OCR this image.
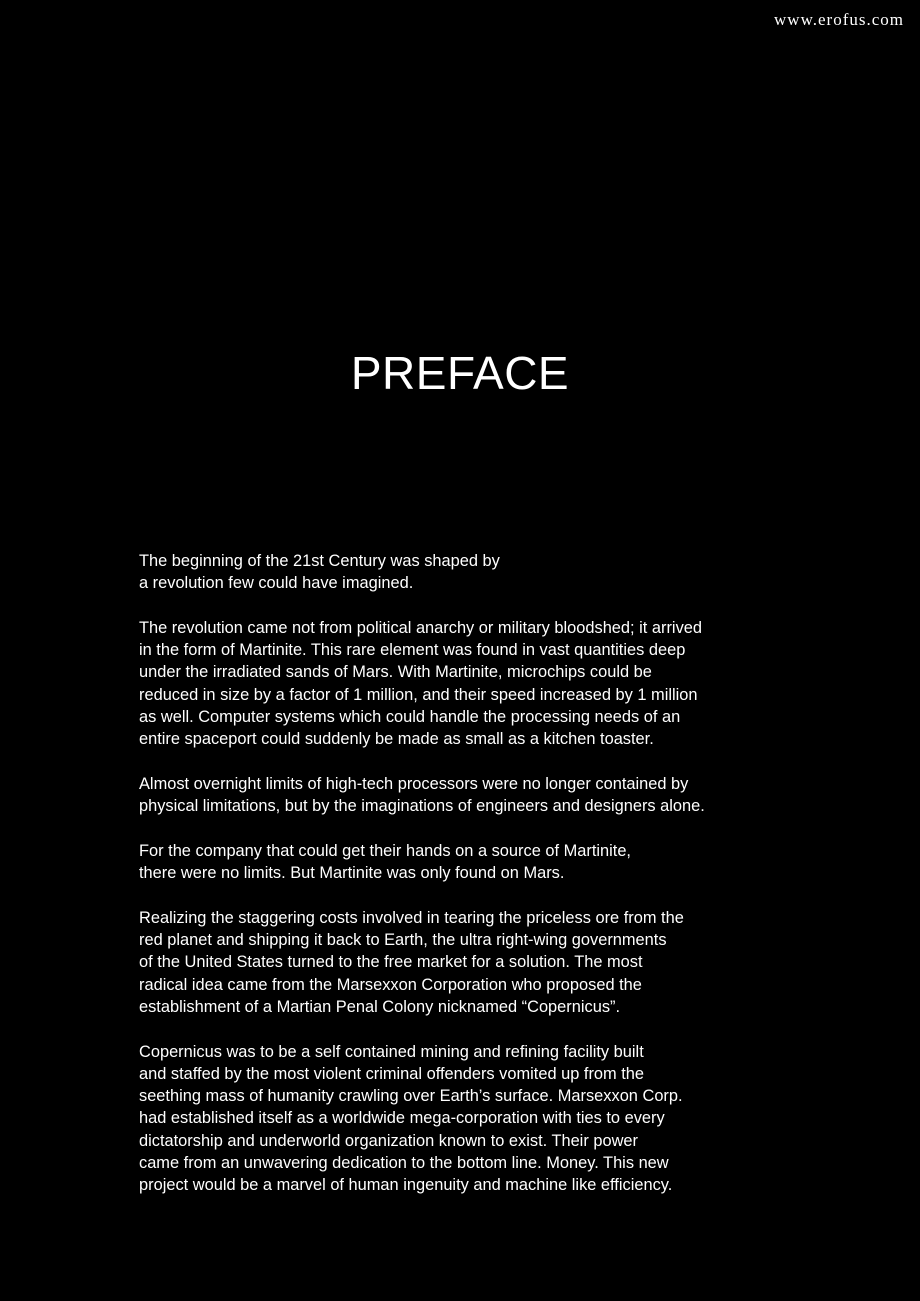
www.erofus.com
PREFACE

The beginning of the 21st Century was shaped by
a revolution few could have imagined.

The revolution came not from political anarchy or military bloodshed; it arrived
in the form of Martinite. This rare element was found in vast quantities deep
under the irradiated sands of Mars. With Martinite, microchips could be
reduced in size by a factor of 1 million, and their speed increased by 1 million
as well. Computer systems which could handle the processing needs of an
entire spaceport could suddenly be made as small as a kitchen toaster.

Almost overnight limits of high-tech processors were no longer contained by
physical limitations, but by the imaginations of engineers and designers alone.

For the company that could get their hands on a source of Martinite,
there were no limits. But Martinite was only found on Mars.

Realizing the staggering costs involved in tearing the priceless ore from the
red planet and shipping it back to Earth, the ultra right-wing governments
of the United States turned to the free market for a solution. The most
radical idea came from the Marsexxon Corporation who proposed the
establishment of a Martian Penal Colony nicknamed “Copernicus”.

Copernicus was to be a self contained mining and refining facility built
and staffed by the most violent criminal offenders vomited up from the
seething mass of humanity crawling over Earth’s surface. Marsexxon Corp.
had established itself as a worldwide mega-corporation with ties to every
dictatorship and underworld organization known to exist. Their power
came from an unwavering dedication to the bottom line. Money. This new
project would be a marvel of human ingenuity and machine like efficiency.
